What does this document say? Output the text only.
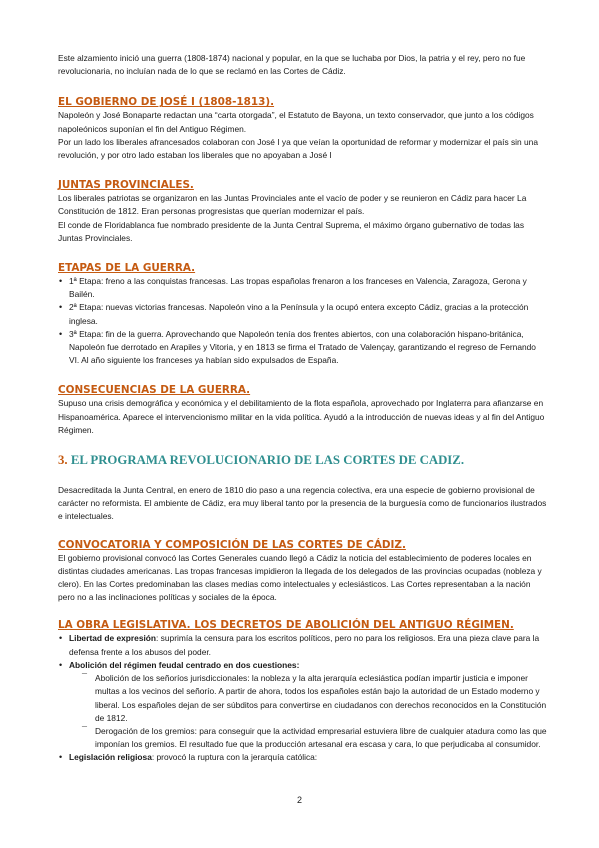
Este alzamiento inició una guerra (1808-1874) nacional y popular, en la que se luchaba por Dios, la patria y el rey, pero no fue revolucionaria, no incluían nada de lo que se reclamó en las Cortes de Cádiz.

EL GOBIERNO DE JOSÉ I (1808-1813).

Napoleón y José Bonaparte redactan una “carta otorgada”, el Estatuto de Bayona, un texto conservador, que junto a los códigos napoleónicos suponían el fin del Antiguo Régimen.

Por un lado los liberales afrancesados colaboran con José I ya que veían la oportunidad de reformar y modernizar el país sin una revolución, y por otro lado estaban los liberales que no apoyaban a José I

JUNTAS PROVINCIALES.

Los liberales patriotas se organizaron en las Juntas Provinciales ante el vacío de poder y se reunieron en Cádiz para hacer La Constitución de 1812. Eran personas progresistas que querían modernizar el país.

El conde de Floridablanca fue nombrado presidente de la Junta Central Suprema, el máximo órgano gubernativo de todas las Juntas Provinciales.

ETAPAS DE LA GUERRA.
• 1ª Etapa: freno a las conquistas francesas. Las tropas españolas frenaron a los franceses en Valencia, Zaragoza, Gerona y Bailén.
• 2ª Etapa: nuevas victorias francesas. Napoleón vino a la Península y la ocupó entera excepto Cádiz, gracias a la protección inglesa.
• 3ª Etapa: fin de la guerra. Aprovechando que Napoleón tenía dos frentes abiertos, con una colaboración hispano-británica, Napoleón fue derrotado en Arapiles y Vitoria, y en 1813 se firma el Tratado de Valençay, garantizando el regreso de Fernando VI. Al año siguiente los franceses ya habían sido expulsados de España.
CONSECUENCIAS DE LA GUERRA.

Supuso una crisis demográfica y económica y el debilitamiento de la flota española, aprovechado por Inglaterra para afianzarse en Hispanoamérica. Aparece el intervencionismo militar en la vida política. Ayudó a la introducción de nuevas ideas y al fin del Antiguo Régimen.

3. EL PROGRAMA REVOLUCIONARIO DE LAS CORTES DE CADIZ.

Desacreditada la Junta Central, en enero de 1810 dio paso a una regencia colectiva, era una especie de gobierno provisional de carácter no reformista. El ambiente de Cádiz, era muy liberal tanto por la presencia de la burguesía como de funcionarios ilustrados e intelectuales.

CONVOCATORIA Y COMPOSICIÓN DE LAS CORTES DE CÁDIZ.

El gobierno provisional convocó las Cortes Generales cuando llegó a Cádiz la noticia del establecimiento de poderes locales en distintas ciudades americanas. Las tropas francesas impidieron la llegada de los delegados de las provincias ocupadas (nobleza y clero). En las Cortes predominaban las clases medias como intelectuales y eclesiásticos. Las Cortes representaban a la nación pero no a las inclinaciones políticas y sociales de la época.

LA OBRA LEGISLATIVA. LOS DECRETOS DE ABOLICIÓN DEL ANTIGUO RÉGIMEN.
• Libertad de expresión: suprimía la censura para los escritos políticos, pero no para los religiosos. Era una pieza clave para la defensa frente a los abusos del poder.
• Abolición del régimen feudal centrado en dos cuestiones:
¯ Abolición de los señoríos jurisdiccionales: la nobleza y la alta jerarquía eclesiástica podían impartir justicia e imponer multas a los vecinos del señorío. A partir de ahora, todos los españoles están bajo la autoridad de un Estado moderno y liberal. Los españoles dejan de ser súbditos para convertirse en ciudadanos con derechos reconocidos en la Constitución de 1812.
¯ Derogación de los gremios: para conseguir que la actividad empresarial estuviera libre de cualquier atadura como las que imponían los gremios. El resultado fue que la producción artesanal era escasa y cara, lo que perjudicaba al consumidor.
• Legislación religiosa: provocó la ruptura con la jerarquía católica:
2
